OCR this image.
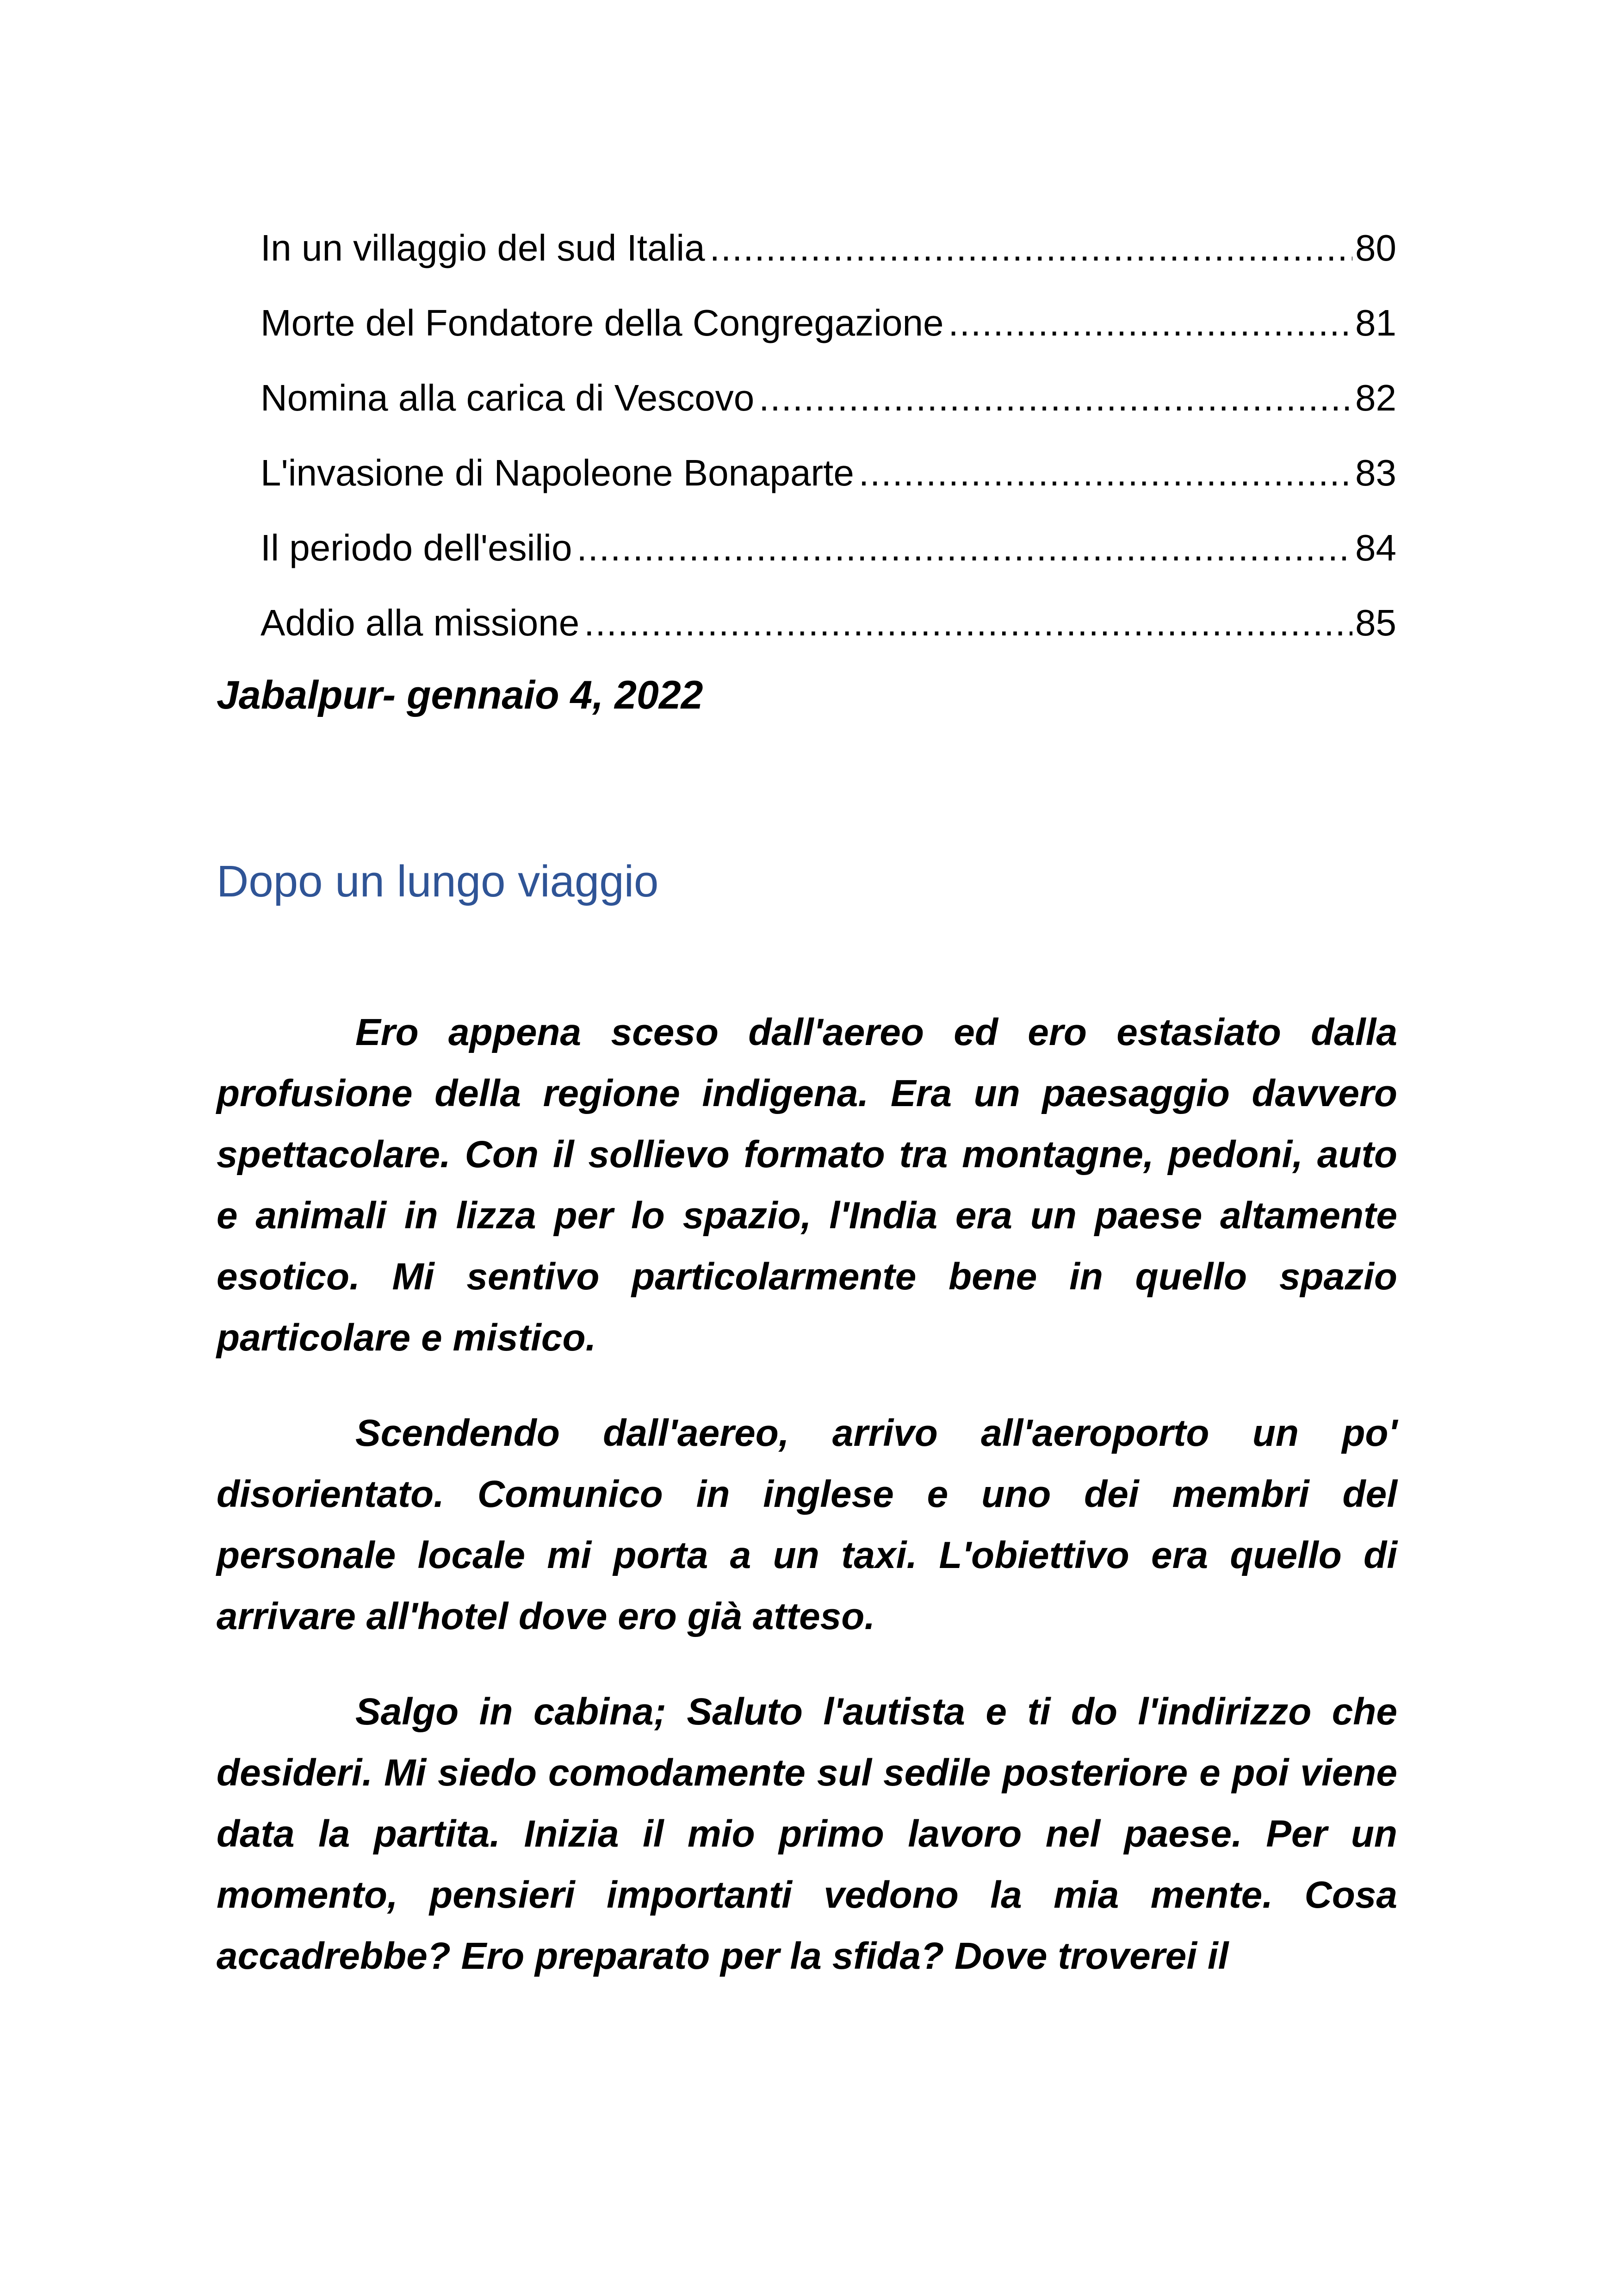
In un villaggio del sud Italia .....	80
Morte del Fondatore della Congregazione .....	81
Nomina alla carica di Vescovo .....	82
L'invasione di Napoleone Bonaparte .....	83
Il periodo dell'esilio .....	84
Addio alla missione .....	85
Jabalpur- gennaio 4, 2022
Dopo un lungo viaggio

Ero appena sceso dall'aereo ed ero estasiato dalla profusione della regione indigena. Era un paesaggio davvero spettacolare. Con il sollievo formato tra montagne, pedoni, auto e animali in lizza per lo spazio, l'India era un paese altamente esotico. Mi sentivo particolarmente bene in quello spazio particolare e mistico.

Scendendo dall'aereo, arrivo all'aeroporto un po' disorientato. Comunico in inglese e uno dei membri del personale locale mi porta a un taxi. L'obiettivo era quello di arrivare all'hotel dove ero già atteso.

Salgo in cabina; Saluto l'autista e ti do l'indirizzo che desideri. Mi siedo comodamente sul sedile posteriore e poi viene data la partita. Inizia il mio primo lavoro nel paese. Per un momento, pensieri importanti vedono la mia mente. Cosa accadrebbe? Ero preparato per la sfida? Dove troverei il
